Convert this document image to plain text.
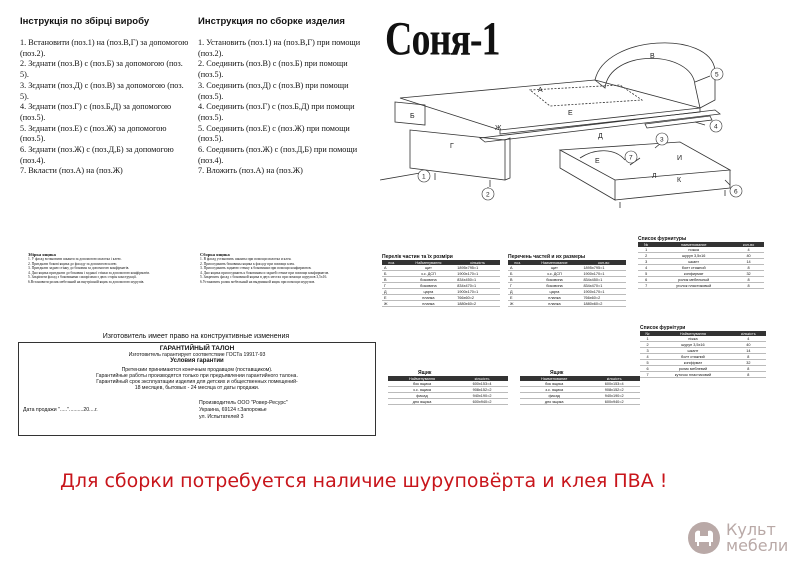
Інструкція по збірці виробу
1. Встановити (поз.1) на (поз.В,Г) за допомогою (поз.2).
2. Зєднати (поз.В) с (поз.Б) за допомогою (поз. 5).
3. Зєднати (поз.Д) с (поз.В) за допомогою (поз. 5).
4. Зєднати (поз.Г) с (поз.Б,Д) за допомогою (поз.5).
5. Зєднати (поз.Е) с (поз.Ж) за допомогою (поз.5).
6. Зєднати (поз.Ж) с (поз.Д,Б) за допомогою (поз.4).
7. Вкласти (поз.А) на (поз.Ж)
Инструкция по сборке изделия
1. Установить (поз.1) на (поз.В,Г) при помощи (поз.2).
2. Соединить (поз.В) с (поз.Б) при помощи (поз.5).
3. Соединить (поз.Д) с (поз.В) при помощи (поз.5).
4. Соединить (поз.Г) с (поз.Б,Д) при помощи (поз.5).
5. Соединить (поз.Е) с (поз.Ж) при помощи (поз.5).
6. Соединить (поз.Ж) с (поз.Д,Б) при помощи (поз.4).
7. Вложить (поз.А) на (поз.Ж)
Соня-1	В
А
Б	Е
Ж
Г
Д
И
К
Л
Е
1
2
3
4
5
6
7
Збірка ящика
1. У фасад встановити шканти за допомогою молотка і клею.
2. Приєднати бокові ящика до фасаду за допомогою клею.
3. Приєднати задню стінку до боковин за допомогою конфірматів.
4. Дно ящика приєднати до боковин і задньої стінки за допомогою конфірматів.
5. Закріпити фасад з боковинами саморізами з двох сторін конструкції.
6.Встановити ролик мебельний на внутрішній ящик за допомогою шурупів.
Сборка ящика
1. В фасад установить шканты при помощи молотка и клея.
2. Присоединить боковины ящика к фасаду при помощи клея.
3. Присоединить заднюю стенку к боковинам при помощи конфирматов.
4. Дно ящика присоединить к боковинам и задней стенке при помощи конфирматов.
5. Закрепить фасад с боковиной ящика в двух местах при помощи шурупов 3,5х16.
6.Установить ролик мебельный на выдвижной ящик при помощи шурупов.
Перелік частин та їх розміри
поз.	Найменування	кількість
А	щит	1895х795=1
Б	з.с. ДСП	1900х170=1
В	боковина	834х450=1
Г	боковина	834х470=1
Д	царга	1900х170=1
Е	планка	766х60=2
Ж	планка	1880х60=2
Перечень частей и их размеры
поз.	Наименование	кол-во
А	щит	1895х795=1
Б	з.с. ДСП	1900х170=1
В	боковина	834х450=1
Г	боковина	834х470=1
Д	царга	1900х170=1
Е	планка	766х60=2
Ж	планка	1880х60=2
Список фурнитуры
№	наименование	кол-во
1	ножка	4
2	шуруп 3,5х16	40
3	шкант	14
4	болт стяжной	8
5	конфирмат	32
6	ролик мебельный	8
7	уголок пластиковый	8
Список фурнітури
№	Найменування	кількість
1	ніжка	4
2	шуруп 3,5х16	40
3	шкант	14
4	болт стяжний	8
5	конфірмат	32
6	ролик меблевий	8
7	куточок пластиковий	8
Ящик
Найменування	кількість
бок ящика	600х153=4
з.с. ящика	908х152=2
фасад	940х190=2
дно ящика	600х940=2
Ящик
Наименование	кількість
бок ящика	600х153=4
з.с. ящика	908х152=2
фасад	940х190=2
дно ящика	600х940=2
Изготовитель имеет право на конструктивные изменения
ГАРАНТИЙНЫЙ ТАЛОН
Изготовитель гарантирует соответствие ГОСТа 19917-93
Условия гарантии
Претензии принимаются конечным продавцом (поставщиком).
Гарантийные работы производятся только при предъявлении гарантийного талона.
Гарантийный срок эксплуатации изделия для детских и общественных помещений-
18 месяцев, бытовых - 24 месяца от даты продажи.
Производитель ООО "Ровер-Ресурс"
Дата продажи "....."..........20....г.	Украина, 69124 г.Запорожье
ул. Испытателей 3
Для сборки потребуется наличие шуруповёрта и клея ПВА !
Культ
мебели
